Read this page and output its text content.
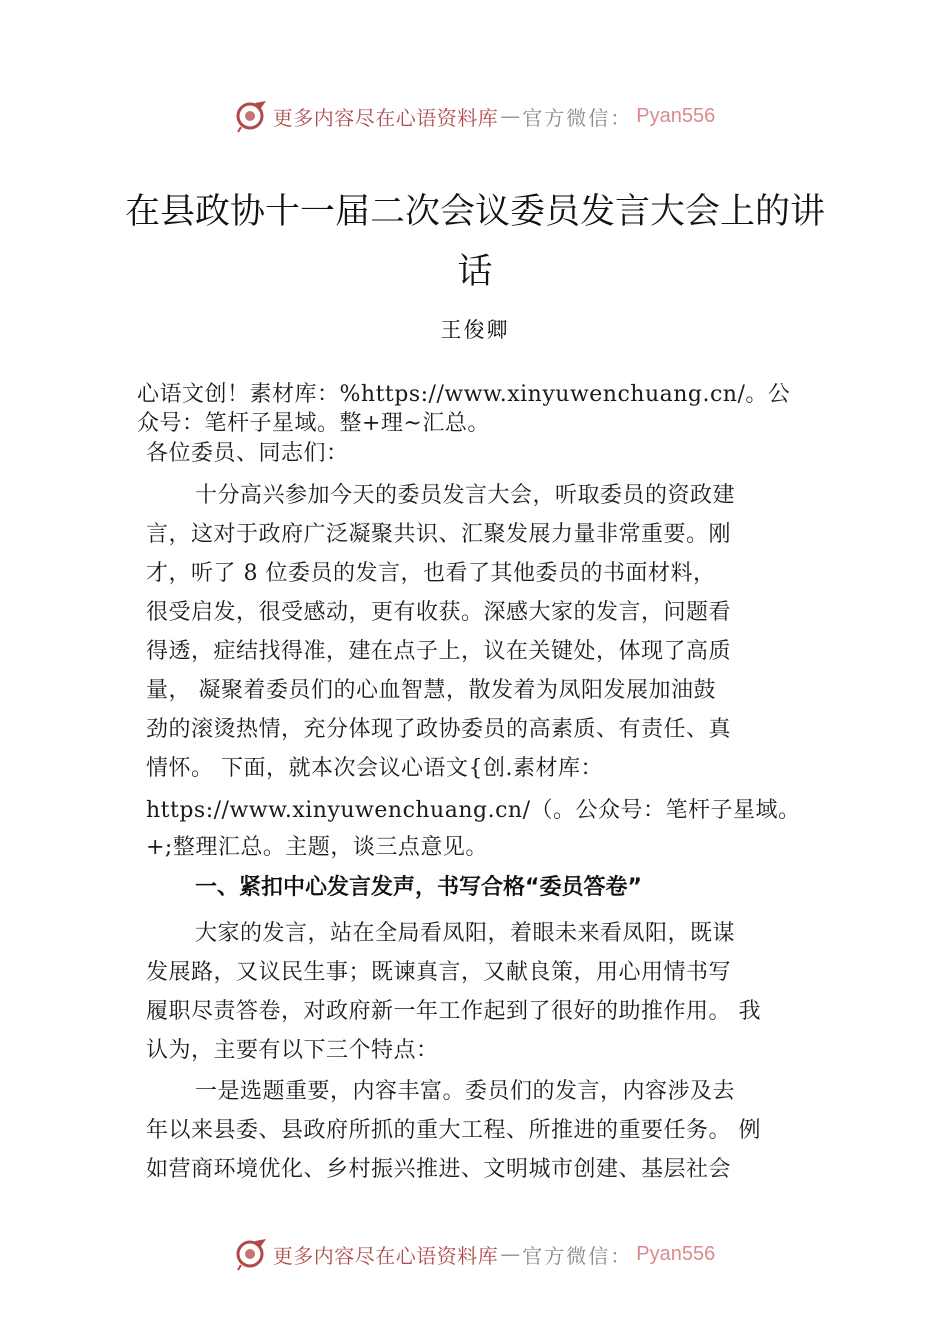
更多内容尽在心语资料库 — 官方微信： Pyan556
在县政协十一届二次会议委员发言大会上的讲话
王俊卿
心语文创！素材库：%https://www.xinyuwenchuang.cn/。公
众号：笔杆子星域。整+理~汇总。
各位委员、同志们：
十分高兴参加今天的委员发言大会，听取委员的资政建
言，这对于政府广泛凝聚共识、汇聚发展力量非常重要。刚
才，听了 8 位委员的发言，也看了其他委员的书面材料，
很受启发，很受感动，更有收获。深感大家的发言，问题看
得透，症结找得准，建在点子上，议在关键处，体现了高质
量， 凝聚着委员们的心血智慧，散发着为凤阳发展加油鼓
劲的滚烫热情，充分体现了政协委员的高素质、有责任、真
情怀。 下面，就本次会议心语文{创.素材库：
https://www.xinyuwenchuang.cn/（。公众号：笔杆子星域。
+;整理汇总。主题，谈三点意见。
一、紧扣中心发言发声，书写合格“委员答卷”
大家的发言，站在全局看凤阳，着眼未来看凤阳，既谋
发展路，又议民生事；既谏真言，又献良策，用心用情书写
履职尽责答卷，对政府新一年工作起到了很好的助推作用。 我
认为，主要有以下三个特点：
一是选题重要，内容丰富。委员们的发言，内容涉及去
年以来县委、县政府所抓的重大工程、所推进的重要任务。 例
如营商环境优化、乡村振兴推进、文明城市创建、基层社会
更多内容尽在心语资料库 — 官方微信： Pyan556
